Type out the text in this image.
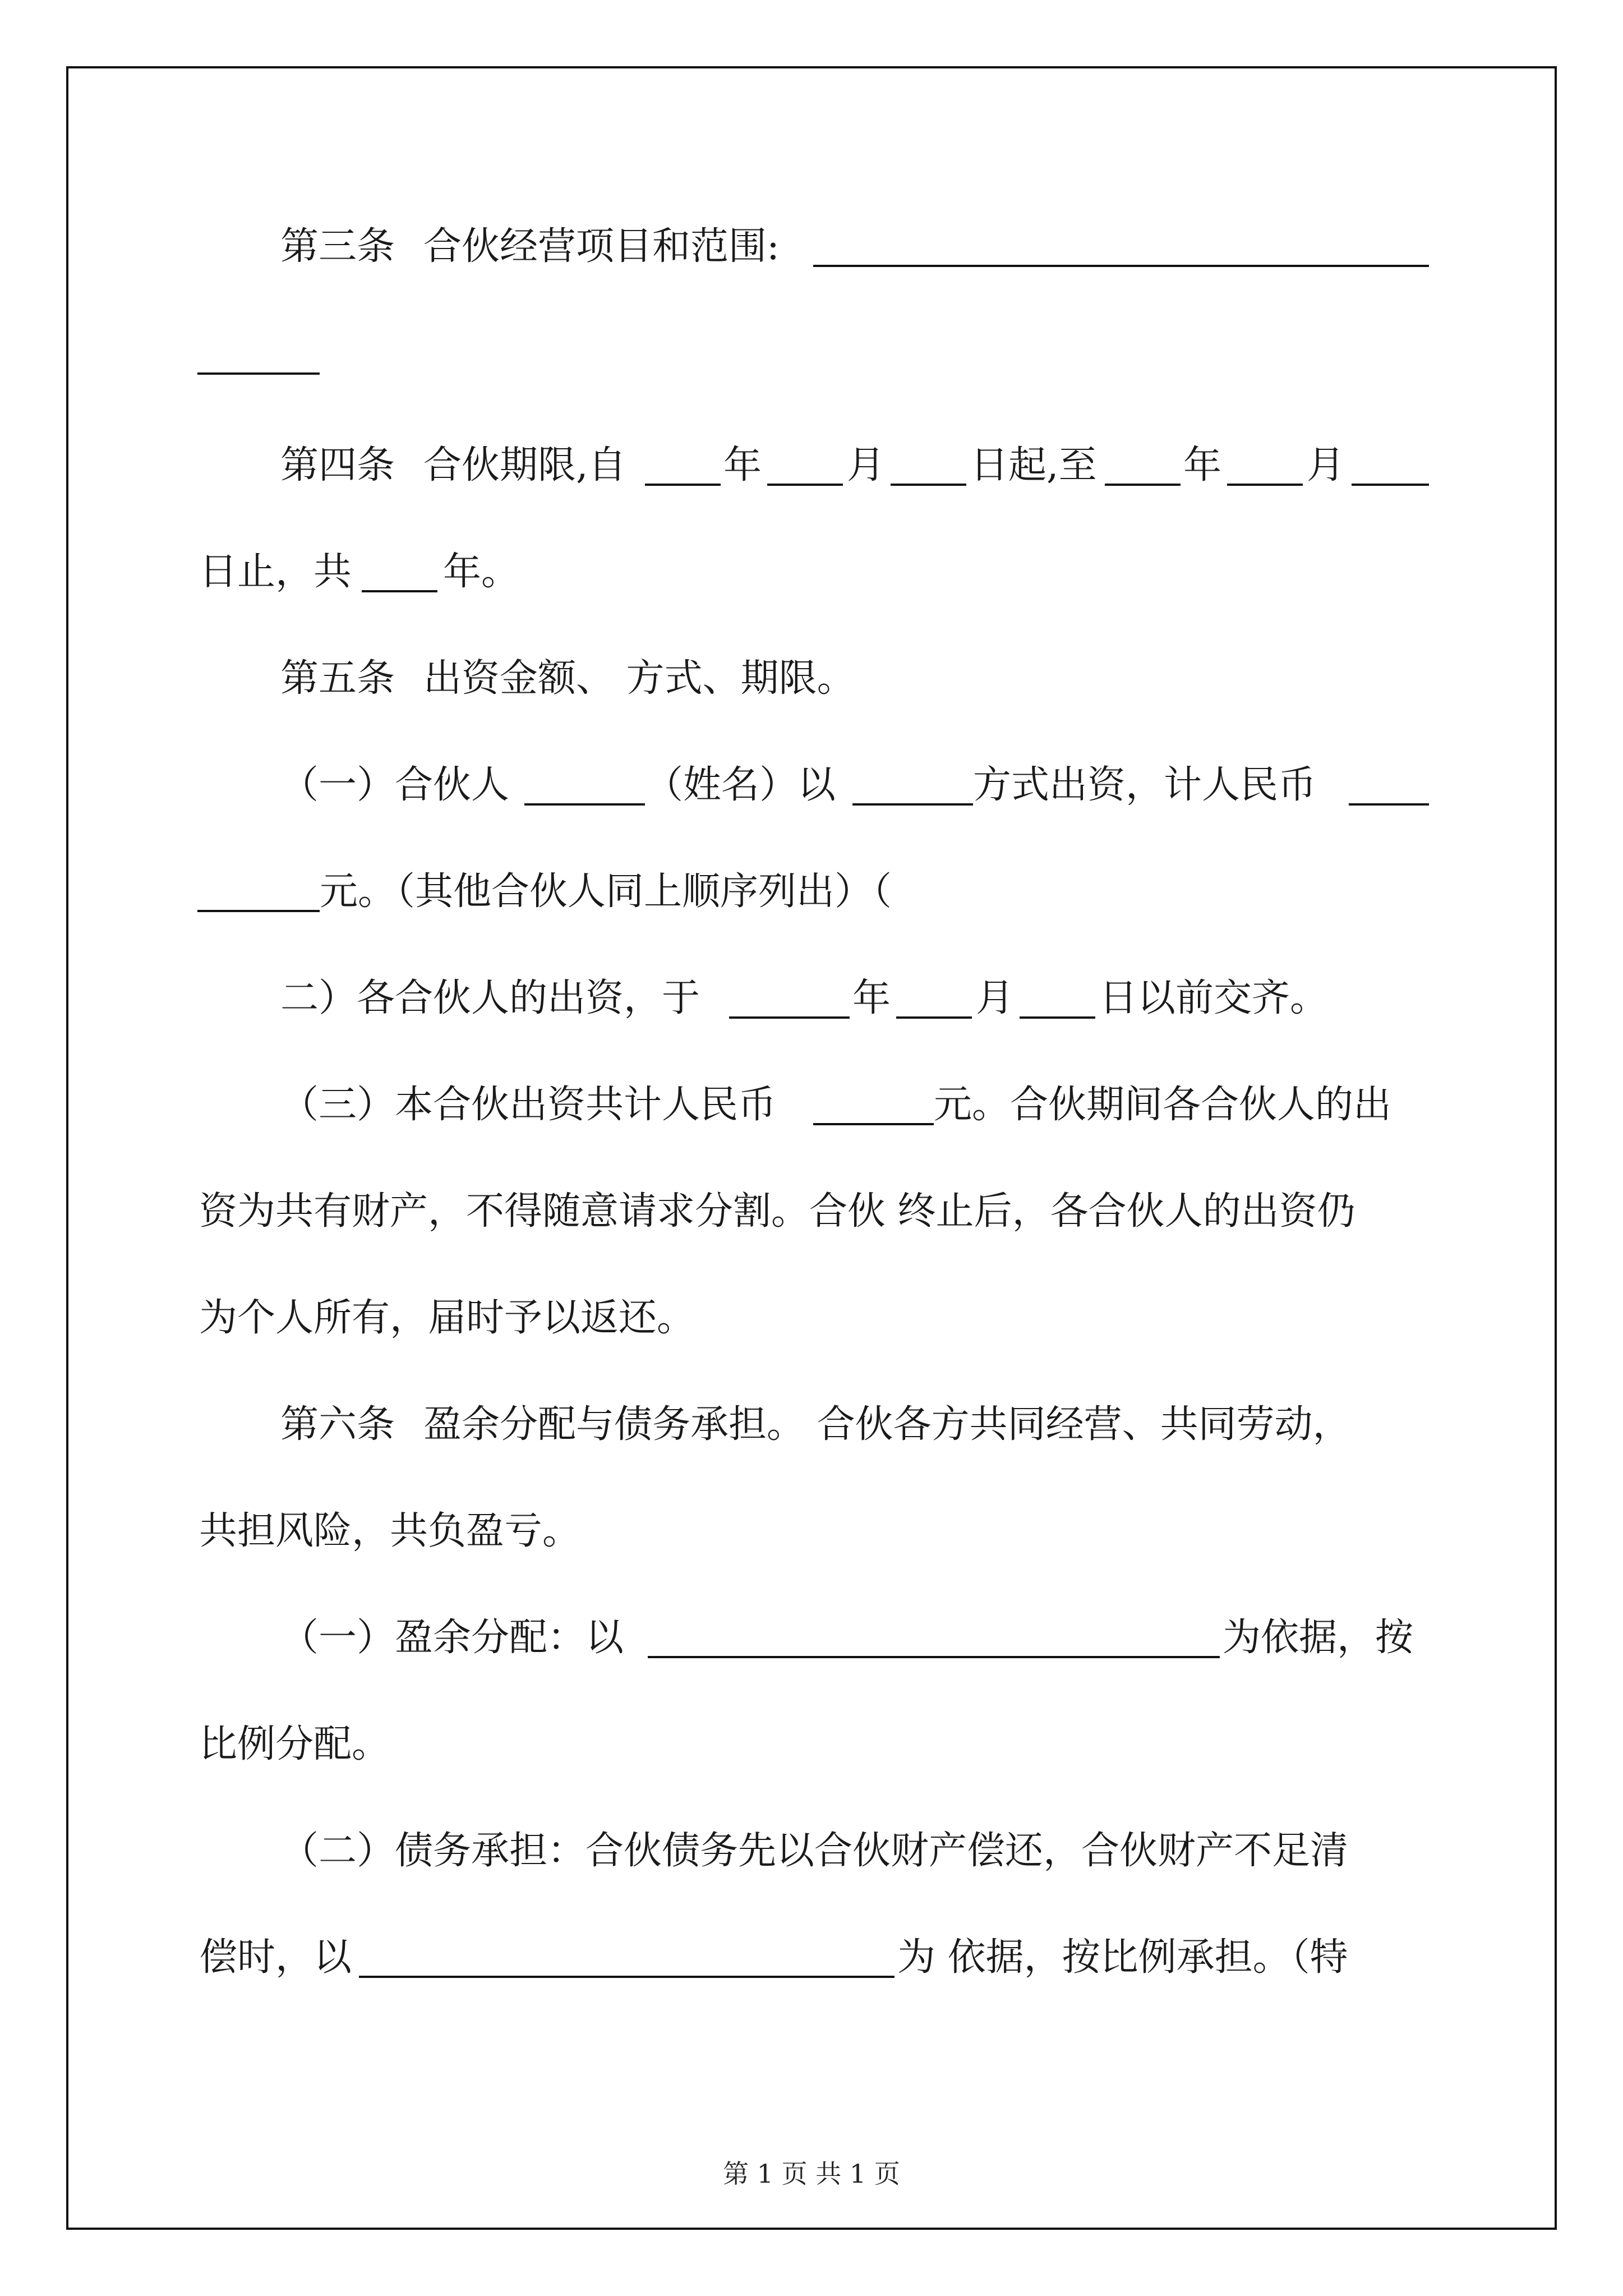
第三条 合伙经营项目和范围:
第四条 合伙期限,自	年 月 日起,至 年 月
日止，共 年。
第五条 出资金额、 方式、期限。
（一）合伙人	（姓名）以	方式出资，计人民币
元。（其他合伙人同上顺序列出）（
二）各合伙人的出资，于	年 月 日以前交齐。
（三）本合伙出资共计人民币	元。合伙期间各合伙人的出
资为共有财产，不得随意请求分割。合伙 终止后，各合伙人的出资仍
为个人所有，届时予以返还。
第六条 盈余分配与债务承担。 合伙各方共同经营、共同劳动，
共担风险，共负盈亏。
（一）盈余分配：以	为依据，按
比例分配。
（二）债务承担：合伙债务先以合伙财产偿还，合伙财产不足清
偿时，以	为 依据，按比例承担。（特
第 1 页 共 1 页
